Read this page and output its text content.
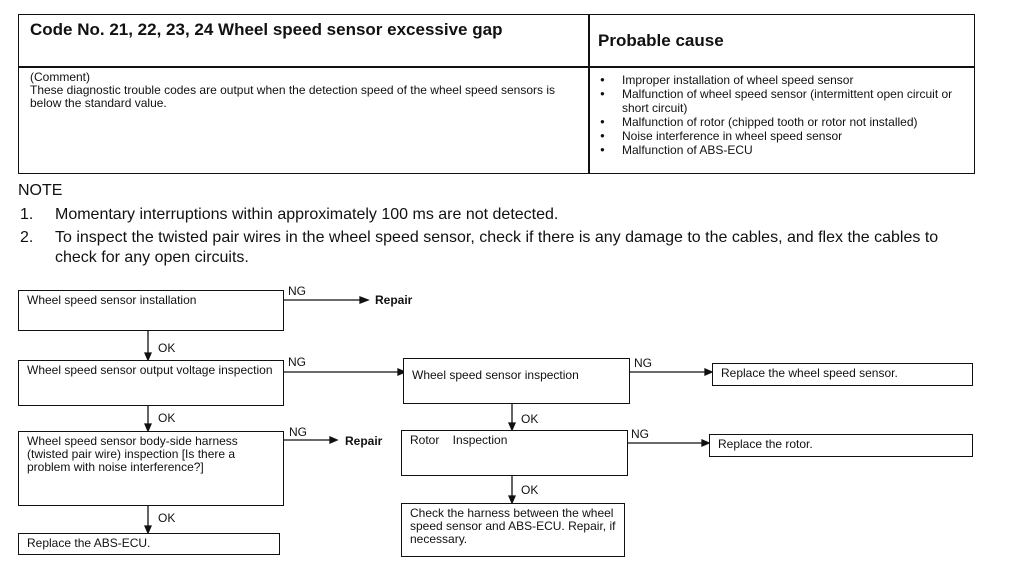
Code No. 21, 22, 23, 24 Wheel speed sensor excessive gap
Probable cause
(Comment)
These diagnostic trouble codes are output when the detection speed of the wheel speed sensors is below the standard value.
● Improper installation of wheel speed sensor
● Malfunction of wheel speed sensor (intermittent open circuit or short circuit)
● Malfunction of rotor (chipped tooth or rotor not installed)
● Noise interference in wheel speed sensor
● Malfunction of ABS-ECU
NOTE
1. Momentary interruptions within approximately 100 ms are not detected.
2. To inspect the twisted pair wires in the wheel speed sensor, check if there is any damage to the cables, and flex the cables to check for any open circuits.
Wheel speed sensor installation
Wheel speed sensor output voltage inspection
Wheel speed sensor body-side harness (twisted pair wire) inspection [Is there a problem with noise interference?]
Replace the ABS-ECU.
Wheel speed sensor inspection
Rotor    Inspection
Check the harness between the wheel speed sensor and ABS-ECU. Repair, if necessary.
Replace the wheel speed sensor.
Replace the rotor.
NG
Repair
OK
NG
OK
NG
Repair
OK
NG
OK
NG
OK
